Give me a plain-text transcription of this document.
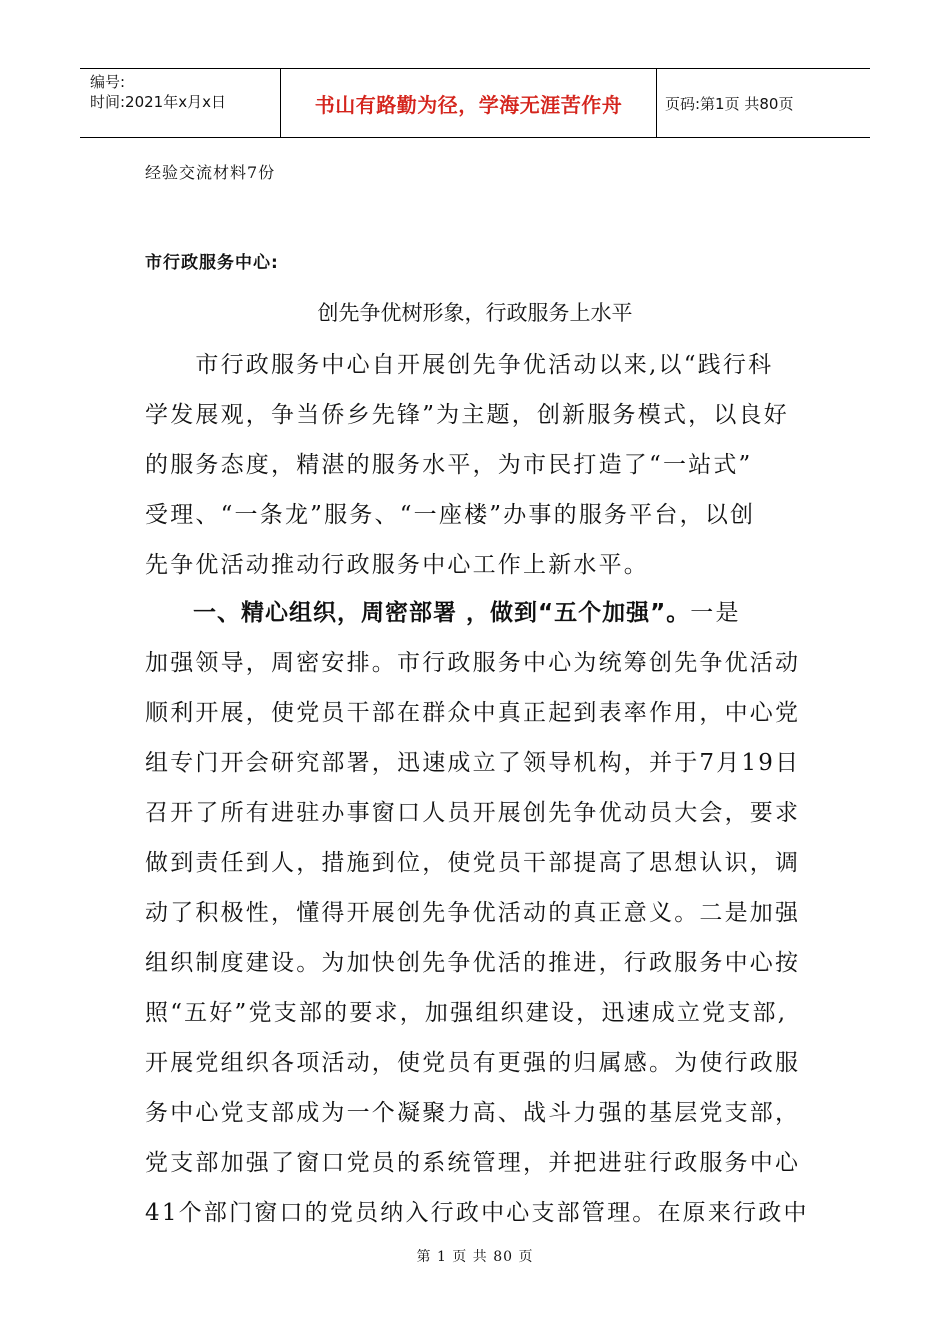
编号:
时间:2021年x月x日	书山有路勤为径，学海无涯苦作舟	页码:第1页 共80页
经验交流材料7份
市行政服务中心:
创先争优树形象，行政服务上水平
　　市行政服务中心自开展创先争优活动以来,以“践行科
学发展观，争当侨乡先锋”为主题，创新服务模式，以良好
的服务态度，精湛的服务水平，为市民打造了“一站式”
受理、“一条龙”服务、“一座楼”办事的服务平台，以创
先争优活动推动行政服务中心工作上新水平。
　　一、精心组织，周密部署 ，做到“五个加强”。一是
加强领导，周密安排。市行政服务中心为统筹创先争优活动
顺利开展，使党员干部在群众中真正起到表率作用，中心党
组专门开会研究部署，迅速成立了领导机构，并于7月19日
召开了所有进驻办事窗口人员开展创先争优动员大会，要求
做到责任到人，措施到位，使党员干部提高了思想认识，调
动了积极性，懂得开展创先争优活动的真正意义。二是加强
组织制度建设。为加快创先争优活的推进，行政服务中心按
照“五好”党支部的要求，加强组织建设，迅速成立党支部,
开展党组织各项活动，使党员有更强的归属感。为使行政服
务中心党支部成为一个凝聚力高、战斗力强的基层党支部，
党支部加强了窗口党员的系统管理，并把进驻行政服务中心
41个部门窗口的党员纳入行政中心支部管理。在原来行政中
第 1 页 共 80 页
